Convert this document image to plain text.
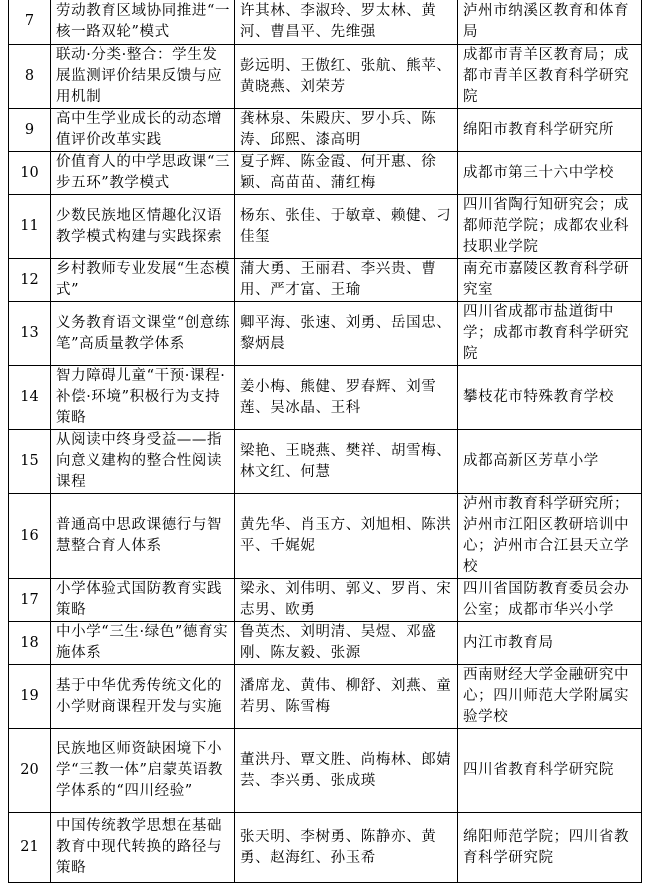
7	劳动教育区域协同推进“一核一路双轮”模式	许其林、李淑玲、罗太林、黄河、曹昌平、先维强	泸州市纳溪区教育和体育局
8	联动·分类·整合：学生发展监测评价结果反馈与应用机制	彭远明、王傲红、张航、熊苹、黄晓燕、刘荣芳	成都市青羊区教育局；成都市青羊区教育科学研究院
9	高中生学业成长的动态增值评价改革实践	龚林泉、朱殿庆、罗小兵、陈涛、邱熙、漆高明	绵阳市教育科学研究所
10	价值育人的中学思政课“三步五环”教学模式	夏子辉、陈金霞、何开惠、徐颖、高苗苗、蒲红梅	成都市第三十六中学校
11	少数民族地区情趣化汉语教学模式构建与实践探索	杨东、张佳、于敏章、赖健、刁佳玺	四川省陶行知研究会；成都师范学院；成都农业科技职业学院
12	乡村教师专业发展“生态模式”	蒲大勇、王丽君、李兴贵、曹用、严才富、王瑜	南充市嘉陵区教育科学研究室
13	义务教育语文课堂“创意练笔”高质量教学体系	卿平海、张速、刘勇、岳国忠、黎炳晨	四川省成都市盐道街中学；成都市教育科学研究院
14	智力障碍儿童“干预·课程·补偿·环境”积极行为支持策略	姜小梅、熊健、罗春辉、刘雪莲、吴冰晶、王科	攀枝花市特殊教育学校
15	从阅读中终身受益——指向意义建构的整合性阅读课程	梁艳、王晓燕、樊祥、胡雪梅、林文红、何慧	成都高新区芳草小学
16	普通高中思政课德行与智慧整合育人体系	黄先华、肖玉方、刘旭相、陈洪平、千娓妮	泸州市教育科学研究所；泸州市江阳区教研培训中心；泸州市合江县天立学校
17	小学体验式国防教育实践策略	梁永、刘伟明、郭义、罗肖、宋志男、欧勇	四川省国防教育委员会办公室；成都市华兴小学
18	中小学“三生·绿色”德育实施体系	鲁英杰、刘明清、吴煜、邓盛刚、陈友毅、张源	内江市教育局
19	基于中华优秀传统文化的小学财商课程开发与实施	潘席龙、黄伟、柳舒、刘燕、童若男、陈雪梅	西南财经大学金融研究中心；四川师范大学附属实验学校
20	民族地区师资缺困境下小学“三教一体”启蒙英语教学体系的“四川经验”	董洪丹、覃文胜、尚梅林、郎婧芸、李兴勇、张成瑛	四川省教育科学研究院
21	中国传统教学思想在基础教育中现代转换的路径与策略	张天明、李树勇、陈静亦、黄勇、赵海红、孙玉希	绵阳师范学院；四川省教育科学研究院
